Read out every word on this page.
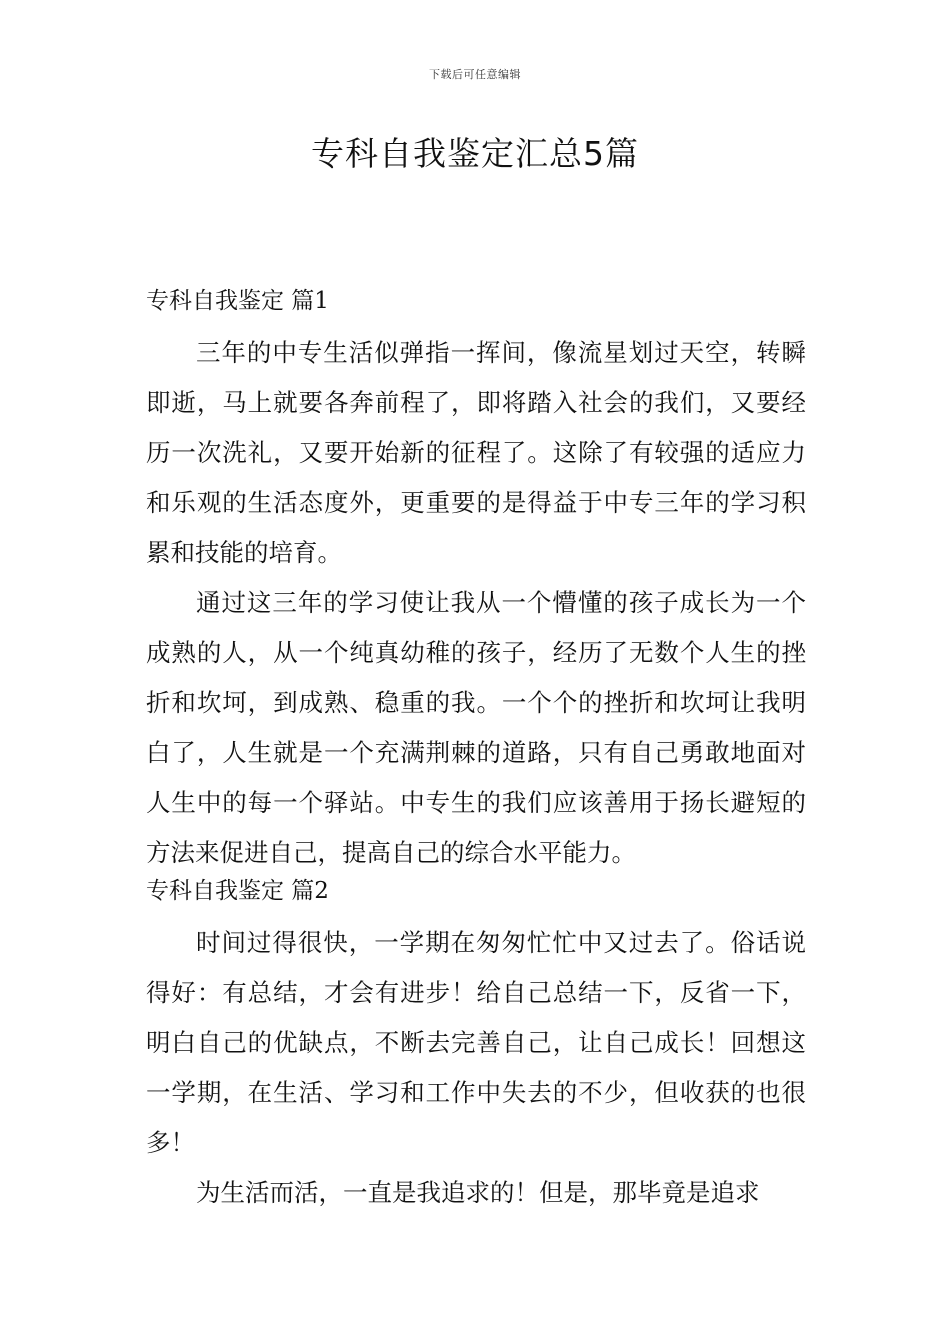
下载后可任意编辑
专科自我鉴定汇总5篇
专科自我鉴定 篇1

三年的中专生活似弹指一挥间，像流星划过天空，转瞬即逝，马上就要各奔前程了，即将踏入社会的我们，又要经历一次洗礼，又要开始新的征程了。这除了有较强的适应力和乐观的生活态度外，更重要的是得益于中专三年的学习积累和技能的培育。

通过这三年的学习使让我从一个懵懂的孩子成长为一个成熟的人，从一个纯真幼稚的孩子，经历了无数个人生的挫折和坎坷，到成熟、稳重的我。一个个的挫折和坎坷让我明白了，人生就是一个充满荆棘的道路，只有自己勇敢地面对人生中的每一个驿站。中专生的我们应该善用于扬长避短的方法来促进自己，提高自己的综合水平能力。

专科自我鉴定 篇2

时间过得很快，一学期在匆匆忙忙中又过去了。俗话说得好：有总结，才会有进步！给自己总结一下，反省一下，明白自己的优缺点，不断去完善自己，让自己成长！回想这一学期，在生活、学习和工作中失去的不少，但收获的也很多！

为生活而活，一直是我追求的！但是，那毕竟是追求
